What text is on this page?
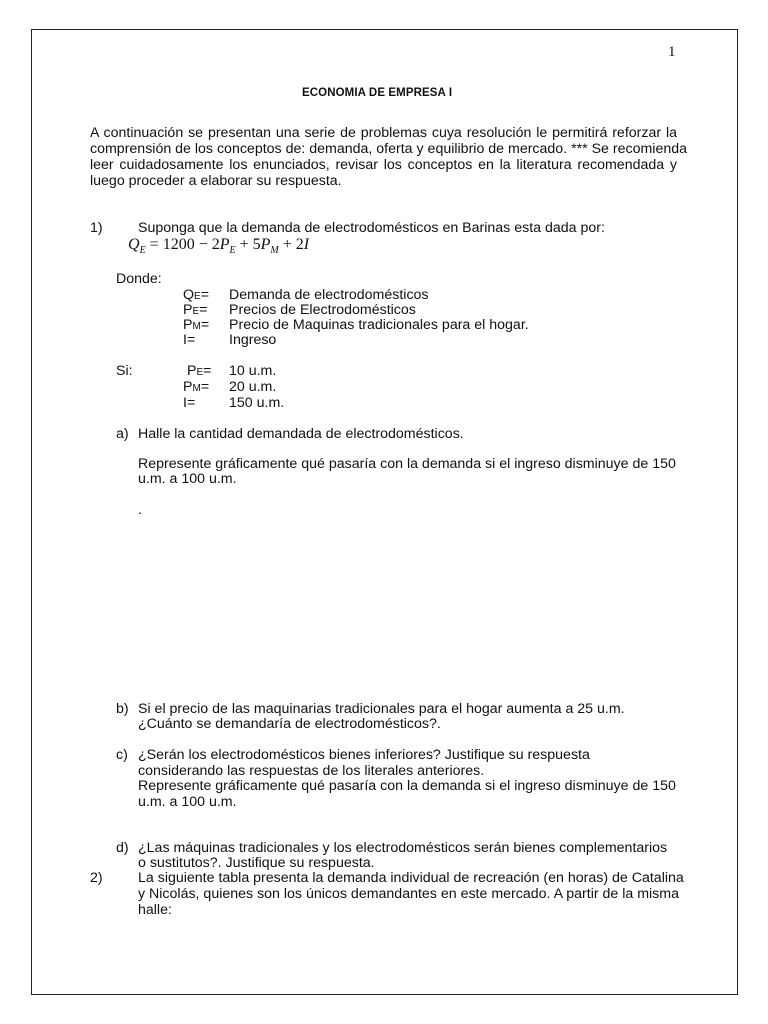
1
ECONOMIA DE EMPRESA I
A continuación se presentan una serie de problemas cuya resolución le permitirá reforzar la
comprensión de los conceptos de: demanda, oferta y equilibrio de mercado. *** Se recomienda
leer cuidadosamente los enunciados, revisar los conceptos en la literatura recomendada y
luego proceder a elaborar su respuesta.
1) Suponga que la demanda de electrodomésticos en Barinas esta dada por:
$Q_E = 1200 - 2P_E + 5P_M + 2I$
Donde:
QE= Demanda de electrodomésticos
PE= Precios de Electrodomésticos
PM= Precio de Maquinas tradicionales para el hogar.
I= Ingreso
Si:	PE= 10 u.m.
PM= 20 u.m.
I= 150 u.m.
a) Halle la cantidad demandada de electrodomésticos.
Represente gráficamente qué pasaría con la demanda si el ingreso disminuye de 150
u.m. a 100 u.m.
.
b) Si el precio de las maquinarias tradicionales para el hogar aumenta a 25 u.m.
¿Cuánto se demandaría de electrodomésticos?.
c) ¿Serán los electrodomésticos bienes inferiores? Justifique su respuesta
considerando las respuestas de los literales anteriores.
Represente gráficamente qué pasaría con la demanda si el ingreso disminuye de 150
u.m. a 100 u.m.
d) ¿Las máquinas tradicionales y los electrodomésticos serán bienes complementarios
o sustitutos?. Justifique su respuesta.
2) La siguiente tabla presenta la demanda individual de recreación (en horas) de Catalina
y Nicolás, quienes son los únicos demandantes en este mercado. A partir de la misma
halle:
